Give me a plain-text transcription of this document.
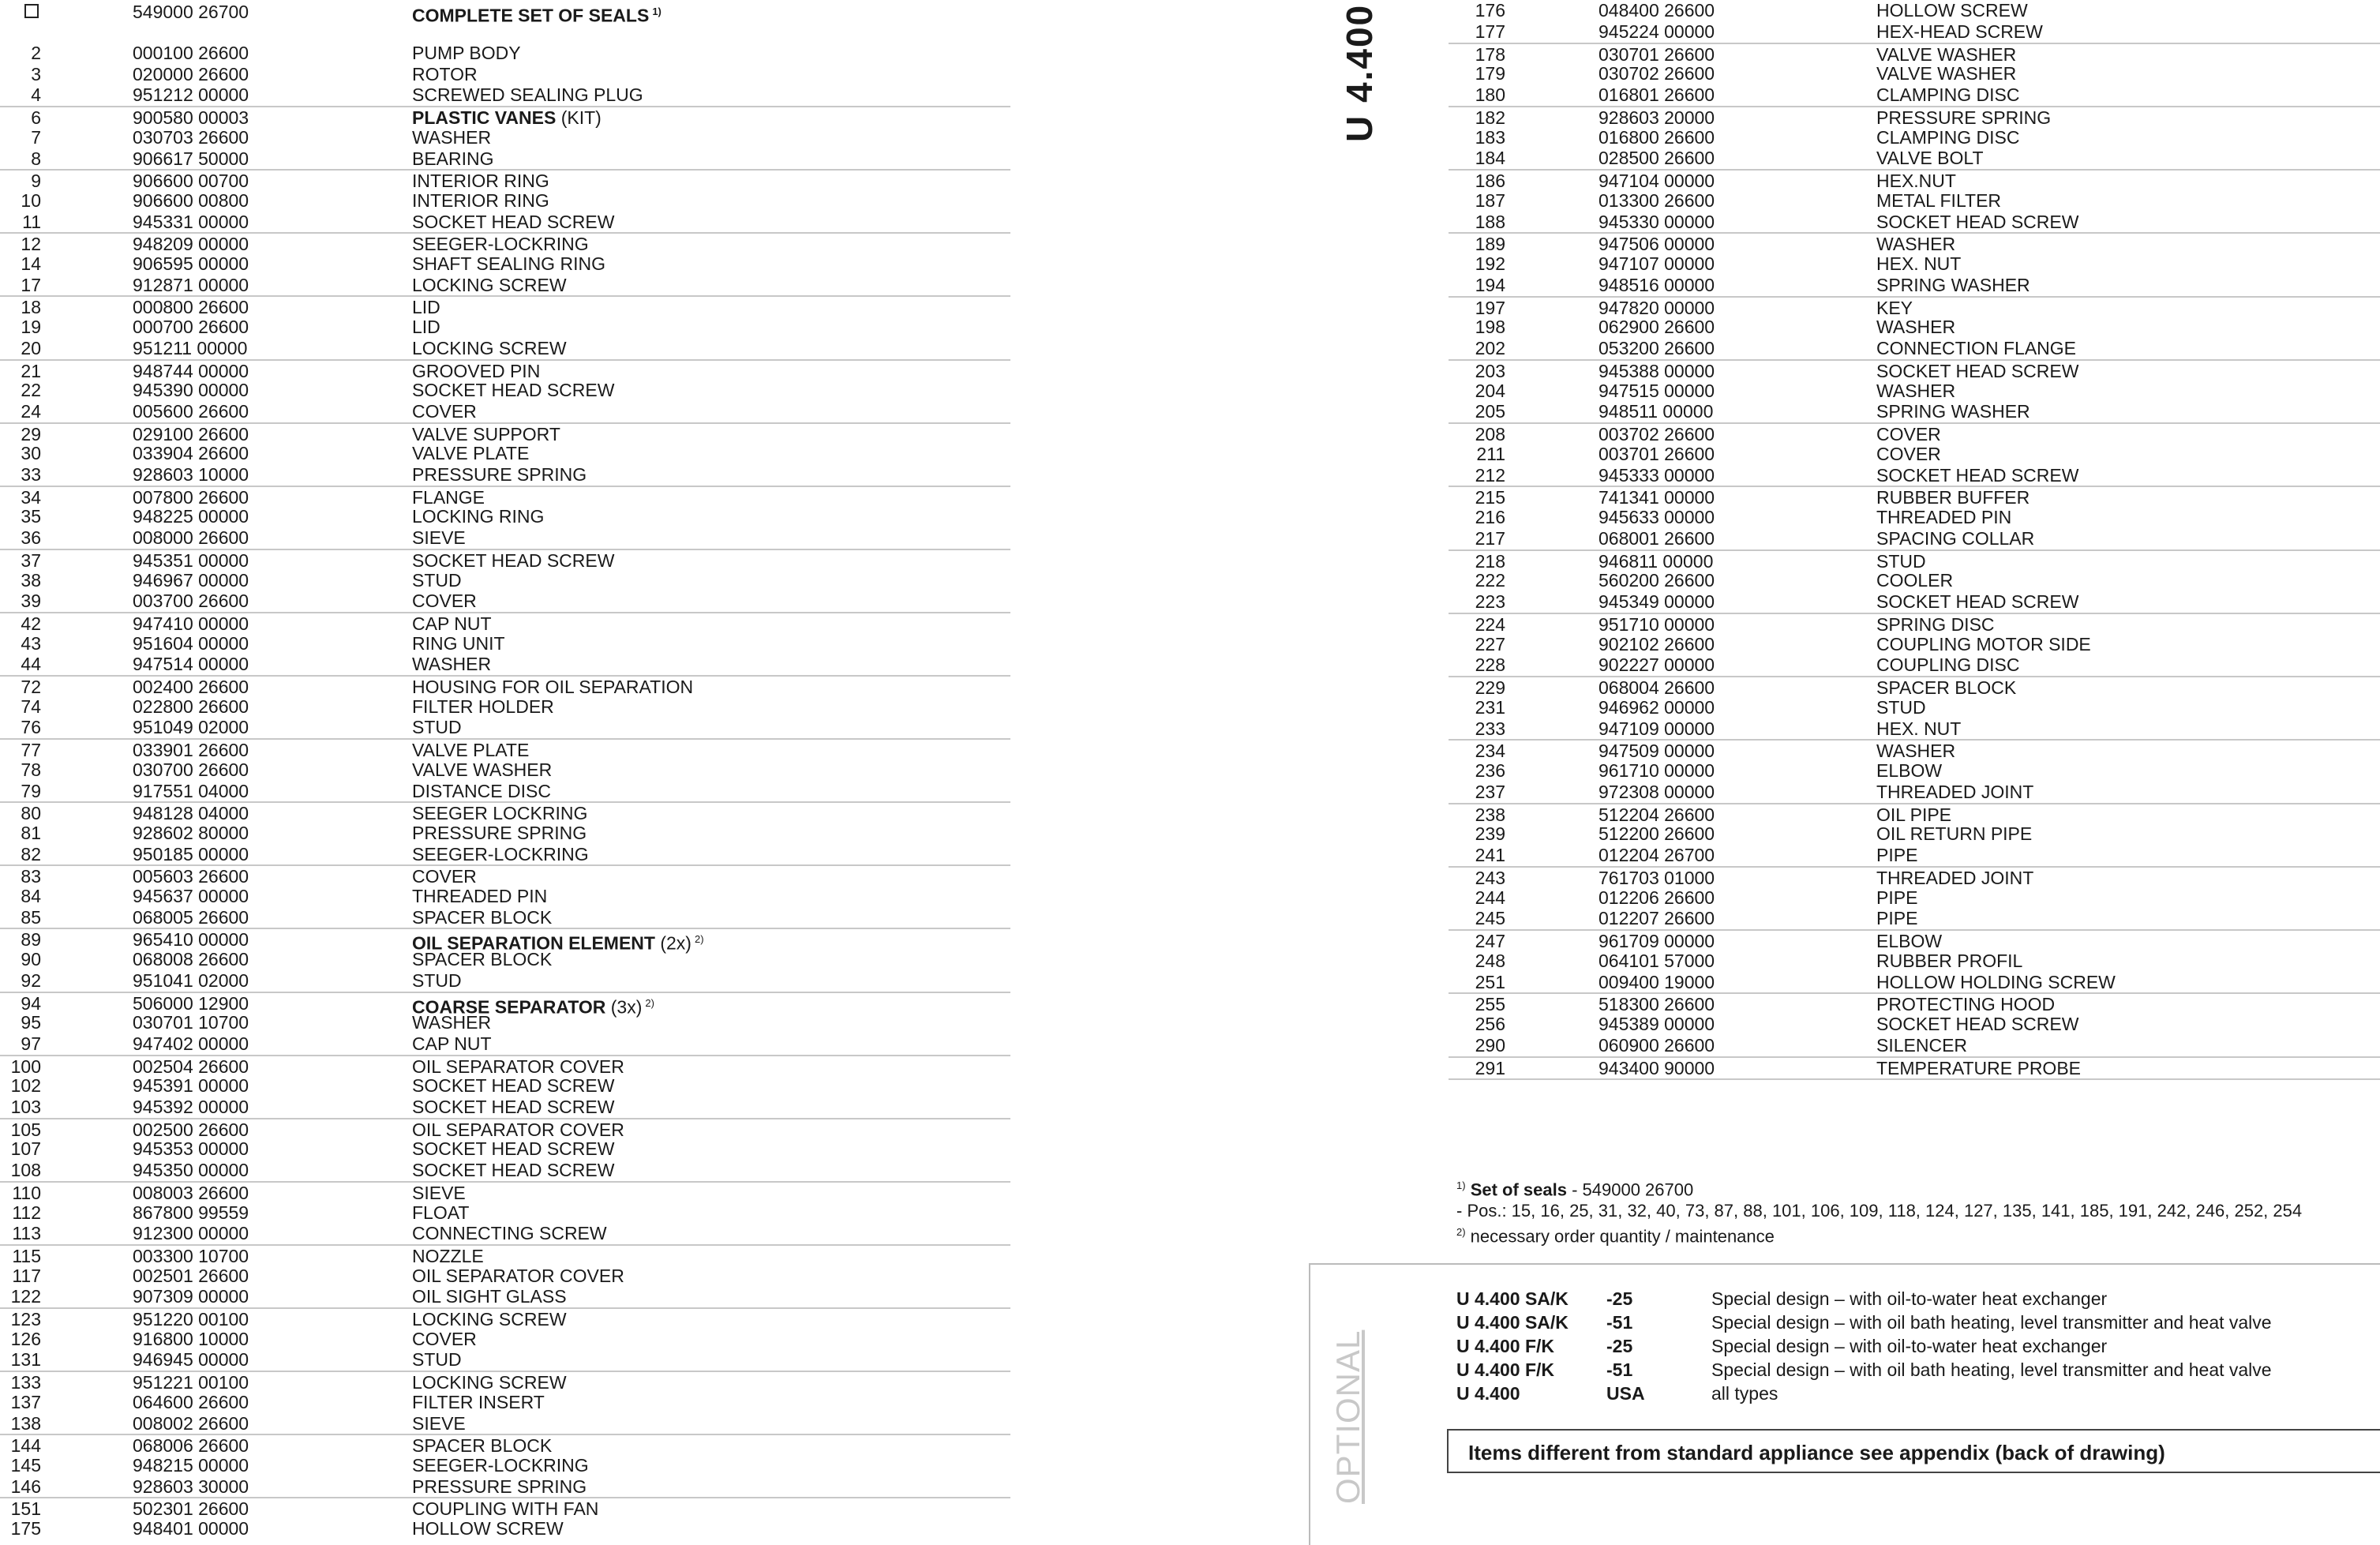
549000 26700	COMPLETE SET OF SEALS $^{1)}$
2	000100 26600	PUMP BODY
3	020000 26600	ROTOR
4	951212 00000	SCREWED SEALING PLUG
6	900580 00003	PLASTIC VANES (KIT)
7	030703 26600	WASHER
8	906617 50000	BEARING
9	906600 00700	INTERIOR RING
10	906600 00800	INTERIOR RING
11	945331 00000	SOCKET HEAD SCREW
12	948209 00000	SEEGER-LOCKRING
14	906595 00000	SHAFT SEALING RING
17	912871 00000	LOCKING SCREW
18	000800 26600	LID
19	000700 26600	LID
20	951211 00000	LOCKING SCREW
21	948744 00000	GROOVED PIN
22	945390 00000	SOCKET HEAD SCREW
24	005600 26600	COVER
29	029100 26600	VALVE SUPPORT
30	033904 26600	VALVE PLATE
33	928603 10000	PRESSURE SPRING
34	007800 26600	FLANGE
35	948225 00000	LOCKING RING
36	008000 26600	SIEVE
37	945351 00000	SOCKET HEAD SCREW
38	946967 00000	STUD
39	003700 26600	COVER
42	947410 00000	CAP NUT
43	951604 00000	RING UNIT
44	947514 00000	WASHER
72	002400 26600	HOUSING FOR OIL SEPARATION
74	022800 26600	FILTER HOLDER
76	951049 02000	STUD
77	033901 26600	VALVE PLATE
78	030700 26600	VALVE WASHER
79	917551 04000	DISTANCE DISC
80	948128 04000	SEEGER LOCKRING
81	928602 80000	PRESSURE SPRING
82	950185 00000	SEEGER-LOCKRING
83	005603 26600	COVER
84	945637 00000	THREADED PIN
85	068005 26600	SPACER BLOCK
89	965410 00000	OIL SEPARATION ELEMENT (2x) $^{2)}$
90	068008 26600	SPACER BLOCK
92	951041 02000	STUD
94	506000 12900	COARSE SEPARATOR (3x) $^{2)}$
95	030701 10700	WASHER
97	947402 00000	CAP NUT
100	002504 26600	OIL SEPARATOR COVER
102	945391 00000	SOCKET HEAD SCREW
103	945392 00000	SOCKET HEAD SCREW
105	002500 26600	OIL SEPARATOR COVER
107	945353 00000	SOCKET HEAD SCREW
108	945350 00000	SOCKET HEAD SCREW
110	008003 26600	SIEVE
112	867800 99559	FLOAT
113	912300 00000	CONNECTING SCREW
115	003300 10700	NOZZLE
117	002501 26600	OIL SEPARATOR COVER
122	907309 00000	OIL SIGHT GLASS
123	951220 00100	LOCKING SCREW
126	916800 10000	COVER
131	946945 00000	STUD
133	951221 00100	LOCKING SCREW
137	064600 26600	FILTER INSERT
138	008002 26600	SIEVE
144	068006 26600	SPACER BLOCK
145	948215 00000	SEEGER-LOCKRING
146	928603 30000	PRESSURE SPRING
151	502301 26600	COUPLING WITH FAN
175	948401 00000	HOLLOW SCREW
176	048400 26600	HOLLOW SCREW
177	945224 00000	HEX-HEAD SCREW
178	030701 26600	VALVE WASHER
179	030702 26600	VALVE WASHER
180	016801 26600	CLAMPING DISC
182	928603 20000	PRESSURE SPRING
183	016800 26600	CLAMPING DISC
184	028500 26600	VALVE BOLT
186	947104 00000	HEX.NUT
187	013300 26600	METAL FILTER
188	945330 00000	SOCKET HEAD SCREW
189	947506 00000	WASHER
192	947107 00000	HEX. NUT
194	948516 00000	SPRING WASHER
197	947820 00000	KEY
198	062900 26600	WASHER
202	053200 26600	CONNECTION FLANGE
203	945388 00000	SOCKET HEAD SCREW
204	947515 00000	WASHER
205	948511 00000	SPRING WASHER
208	003702 26600	COVER
211	003701 26600	COVER
212	945333 00000	SOCKET HEAD SCREW
215	741341 00000	RUBBER BUFFER
216	945633 00000	THREADED PIN
217	068001 26600	SPACING COLLAR
218	946811 00000	STUD
222	560200 26600	COOLER
223	945349 00000	SOCKET HEAD SCREW
224	951710 00000	SPRING DISC
227	902102 26600	COUPLING MOTOR SIDE
228	902227 00000	COUPLING DISC
229	068004 26600	SPACER BLOCK
231	946962 00000	STUD
233	947109 00000	HEX. NUT
234	947509 00000	WASHER
236	961710 00000	ELBOW
237	972308 00000	THREADED JOINT
238	512204 26600	OIL PIPE
239	512200 26600	OIL RETURN PIPE
241	012204 26700	PIPE
243	761703 01000	THREADED JOINT
244	012206 26600	PIPE
245	012207 26600	PIPE
247	961709 00000	ELBOW
248	064101 57000	RUBBER PROFIL
251	009400 19000	HOLLOW HOLDING SCREW
255	518300 26600	PROTECTING HOOD
256	945389 00000	SOCKET HEAD SCREW
290	060900 26600	SILENCER
291	943400 90000	TEMPERATURE PROBE
U 4.400
$^{1)}$ Set of seals - 549000 26700
- Pos.: 15, 16, 25, 31, 32, 40, 73, 87, 88, 101, 106, 109, 118, 124, 127, 135, 141, 185, 191, 242, 246, 252, 254
$^{2)}$ necessary order quantity / maintenance
OPTIONAL
U 4.400 SA/K -25	Special design – with oil-to-water heat exchanger
U 4.400 SA/K -51	Special design – with oil bath heating, level transmitter and heat valve
U 4.400 F/K	-25	Special design – with oil-to-water heat exchanger
U 4.400 F/K	-51	Special design – with oil bath heating, level transmitter and heat valve
U 4.400	USA	all types
Items different from standard appliance see appendix (back of drawing)
